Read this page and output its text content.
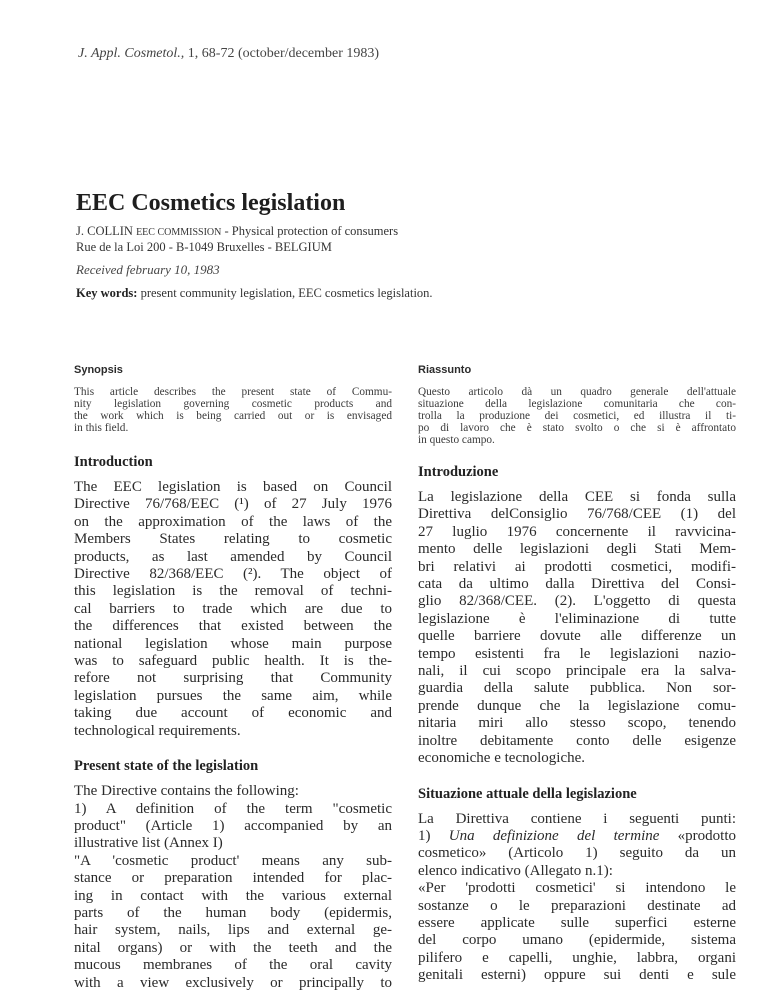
J. Appl. Cosmetol., 1, 68-72 (october/december 1983)
EEC Cosmetics legislation
J. COLLIN EEC COMMISSION - Physical protection of consumers
Rue de la Loi 200 - B-1049 Bruxelles - BELGIUM
Received february 10, 1983
Key words: present community legislation, EEC cosmetics legislation.
Synopsis

This article describes the present state of Commu-
nity legislation governing cosmetic products and
the work which is being carried out or is envisaged
in this field.

Introduction

The EEC legislation is based on Council
Directive 76/768/EEC (¹) of 27 July 1976
on the approximation of the laws of the
Members States relating to cosmetic
products, as last amended by Council
Directive 82/368/EEC (²). The object of
this legislation is the removal of techni-
cal barriers to trade which are due to
the differences that existed between the
national legislation whose main purpose
was to safeguard public health. It is the-
refore not surprising that Community
legislation pursues the same aim, while
taking due account of economic and
technological requirements.

Present state of the legislation

The Directive contains the following:
1) A definition of the term "cosmetic
product" (Article 1) accompanied by an
illustrative list (Annex I)
"A 'cosmetic product' means any sub-
stance or preparation intended for plac-
ing in contact with the various external
parts of the human body (epidermis,
hair system, nails, lips and external ge-
nital organs) or with the teeth and the
mucous membranes of the oral cavity
with a view exclusively or principally to

Riassunto

Questo articolo dà un quadro generale dell'attuale
situazione della legislazione comunitaria che con-
trolla la produzione dei cosmetici, ed illustra il ti-
po di lavoro che è stato svolto o che si è affrontato
in questo campo.

Introduzione

La legislazione della CEE si fonda sulla
Direttiva delConsiglio 76/768/CEE (1) del
27 luglio 1976 concernente il ravvicina-
mento delle legislazioni degli Stati Mem-
bri relativi ai prodotti cosmetici, modifi-
cata da ultimo dalla Direttiva del Consi-
glio 82/368/CEE. (2). L'oggetto di questa
legislazione è l'eliminazione di tutte
quelle barriere dovute alle differenze un
tempo esistenti fra le legislazioni nazio-
nali, il cui scopo principale era la salva-
guardia della salute pubblica. Non sor-
prende dunque che la legislazione comu-
nitaria miri allo stesso scopo, tenendo
inoltre debitamente conto delle esigenze
economiche e tecnologiche.

Situazione attuale della legislazione

La Direttiva contiene i seguenti punti:
1) Una definizione del termine «prodotto
cosmetico» (Articolo 1) seguito da un
elenco indicativo (Allegato n.1):
«Per 'prodotti cosmetici' si intendono le
sostanze o le preparazioni destinate ad
essere applicate sulle superfici esterne
del corpo umano (epidermide, sistema
pilifero e capelli, unghie, labbra, organi
genitali esterni) oppure sui denti e sule
